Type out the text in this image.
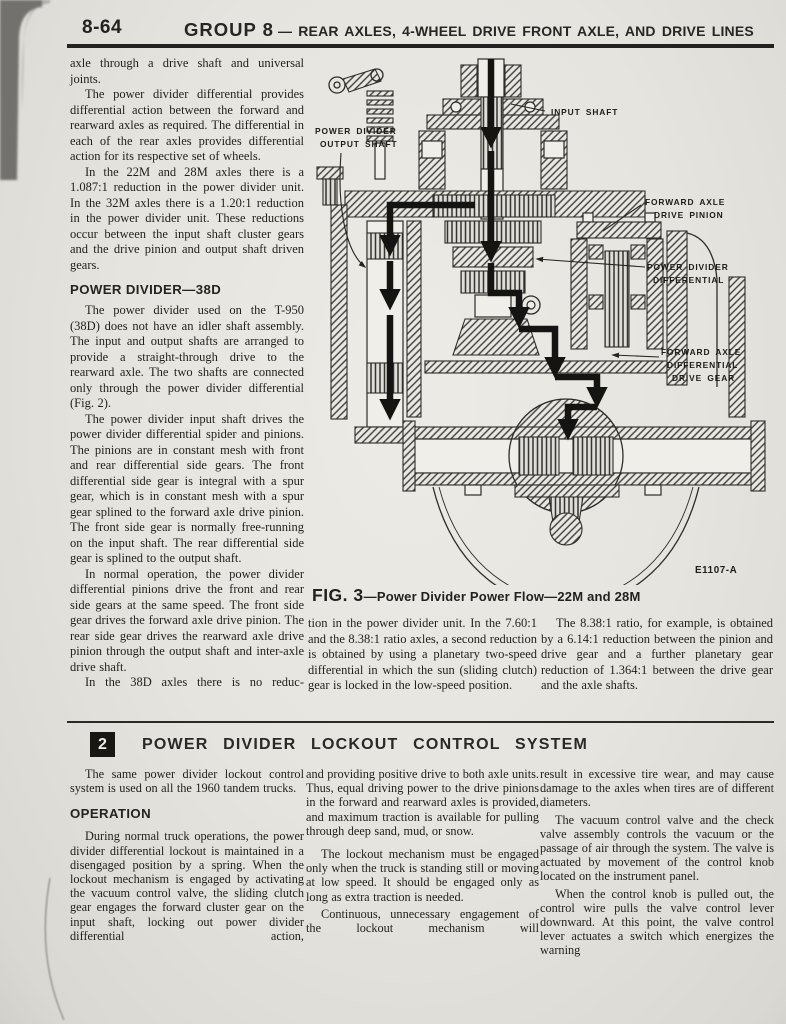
8-64	GROUP 8 — REAR AXLES, 4-WHEEL DRIVE FRONT AXLE, AND DRIVE LINES

axle through a drive shaft and universal joints.

The power divider differential provides differential action between the forward and rearward axles as required. The differential in each of the rear axles provides differential action for its respective set of wheels.

In the 22M and 28M axles there is a 1.087:1 reduction in the power divider unit. In the 32M axles there is a 1.20:1 reduction in the power divider unit. These reductions occur between the input shaft cluster gears and the drive pinion and output shaft driven gears.

POWER DIVIDER—38D

The power divider used on the T-950 (38D) does not have an idler shaft assembly. The input and output shafts are arranged to provide a straight-through drive to the rearward axle. The two shafts are connected only through the power divider differential (Fig. 2).

The power divider input shaft drives the power divider differential spider and pinions. The pinions are in constant mesh with front and rear differential side gears. The front differential side gear is integral with a spur gear, which is in constant mesh with a spur gear splined to the forward axle drive pinion. The front side gear is normally free-running on the input shaft. The rear differential side gear is splined to the output shaft.

In normal operation, the power divider differential pinions drive the front and rear side gears at the same speed. The front side gear drives the forward axle drive pinion. The rear side gear drives the rearward axle drive pinion through the output shaft and inter-axle drive shaft.

In the 38D axles there is no reduc-

INPUT SHAFT
POWER DIVIDER
OUTPUT SHAFT
FORWARD AXLE
DRIVE PINION
POWER DIVIDER
DIFFERENTIAL
FORWARD AXLE
DIFFERENTIAL
DRIVE GEAR
E1107-A
FIG. 3—Power Divider Power Flow—22M and 28M

tion in the power divider unit. In the 7.60:1 and the 8.38:1 ratio axles, a second reduction is obtained by using a planetary two-speed differential in which the sun (sliding clutch) gear is locked in the low-speed position.

The 8.38:1 ratio, for example, is obtained by a 6.14:1 reduction between the pinion and drive gear and a further planetary gear reduction of 1.364:1 between the drive gear and the axle shafts.

2	POWER DIVIDER LOCKOUT CONTROL SYSTEM

The same power divider lockout control system is used on all the 1960 tandem trucks.

OPERATION

During normal truck operations, the power divider differential lockout is maintained in a disengaged position by a spring. When the lockout mechanism is engaged by activating the vacuum control valve, the sliding clutch gear engages the forward cluster gear on the input shaft, locking out power divider differential action,

and providing positive drive to both axle units. Thus, equal driving power to the drive pinions in the forward and rearward axles is provided, and maximum traction is available for pulling through deep sand, mud, or snow.

The lockout mechanism must be engaged only when the truck is standing still or moving at low speed. It should be engaged only as long as extra traction is needed.

Continuous, unnecessary engagement of the lockout mechanism will

result in excessive tire wear, and may cause damage to the axles when tires are of different diameters.

The vacuum control valve and the check valve assembly controls the vacuum or the passage of air through the system. The valve is actuated by movement of the control knob located on the instrument panel.

When the control knob is pulled out, the control wire pulls the valve control lever downward. At this point, the valve control lever actuates a switch which energizes the warning
